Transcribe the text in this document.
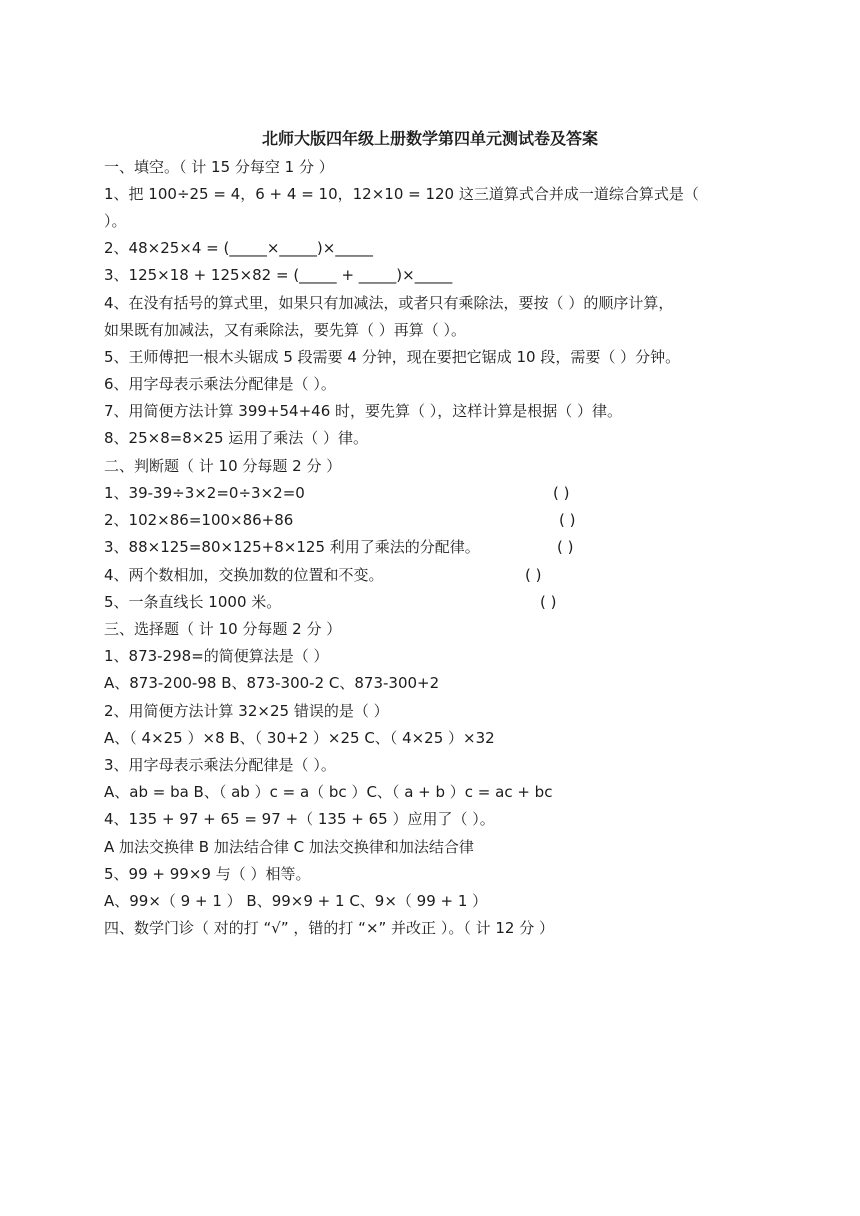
北师大版四年级上册数学第四单元测试卷及答案
一、填空。（ 计 15 分每空 1 分 ）
1、把 100÷25 = 4，6 + 4 = 10，12×10 = 120 这三道算式合并成一道综合算式是（
）。
2、48×25×4 = (_____×_____)×_____
3、125×18 + 125×82 = (_____ + _____)×_____
4、在没有括号的算式里，如果只有加减法，或者只有乘除法，要按（ ）的顺序计算，
如果既有加减法，又有乘除法，要先算（ ）再算（ ）。
5、王师傅把一根木头锯成 5 段需要 4 分钟，现在要把它锯成 10 段，需要（ ）分钟。
6、用字母表示乘法分配律是（ ）。
7、用简便方法计算 399+54+46 时，要先算（ ），这样计算是根据（ ）律。
8、25×8=8×25 运用了乘法（ ）律。
二、判断题（ 计 10 分每题 2 分 ）
1、39-39÷3×2=0÷3×2=0	( )
2、102×86=100×86+86	( )
3、88×125=80×125+8×125 利用了乘法的分配律。	( )
4、两个数相加，交换加数的位置和不变。	( )
5、一条直线长 1000 米。	( )
三、选择题（ 计 10 分每题 2 分 ）
1、873-298=的简便算法是（ ）
A、873-200-98 B、873-300-2 C、873-300+2
2、用简便方法计算 32×25 错误的是（ ）
A、（ 4×25 ）×8 B、（ 30+2 ）×25 C、（ 4×25 ）×32
3、用字母表示乘法分配律是（ ）。
A、ab = ba B、（ ab ）c = a（ bc ）C、（ a + b ）c = ac + bc
4、135 + 97 + 65 = 97 +（ 135 + 65 ）应用了（ ）。
A 加法交换律 B 加法结合律 C 加法交换律和加法结合律
5、99 + 99×9 与（ ）相等。
A、99×（ 9 + 1 ） B、99×9 + 1 C、9×（ 99 + 1 ）
四、数学门诊（ 对的打 “√” ，错的打 “×” 并改正 ）。（ 计 12 分 ）
